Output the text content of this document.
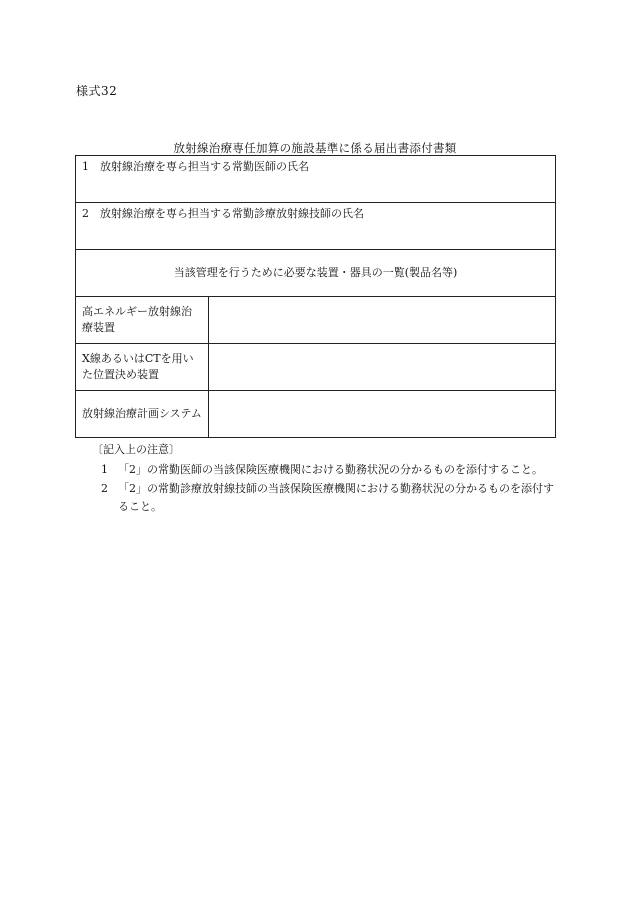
様式32
放射線治療専任加算の施設基準に係る届出書添付書類
1 放射線治療を専ら担当する常勤医師の氏名	
2 放射線治療を専ら担当する常勤診療放射線技師の氏名	
当該管理を行うために必要な装置・器具の一覧(製品名等)	
高エネルギー放射線治療装置	
X線あるいはCTを用いた位置決め装置	
放射線治療計画システム	
〔記入上の注意〕
1 「2」の常勤医師の当該保険医療機関における勤務状況の分かるものを添付すること。
2 「2」の常勤診療放射線技師の当該保険医療機関における勤務状況の分かるものを添付すること。
